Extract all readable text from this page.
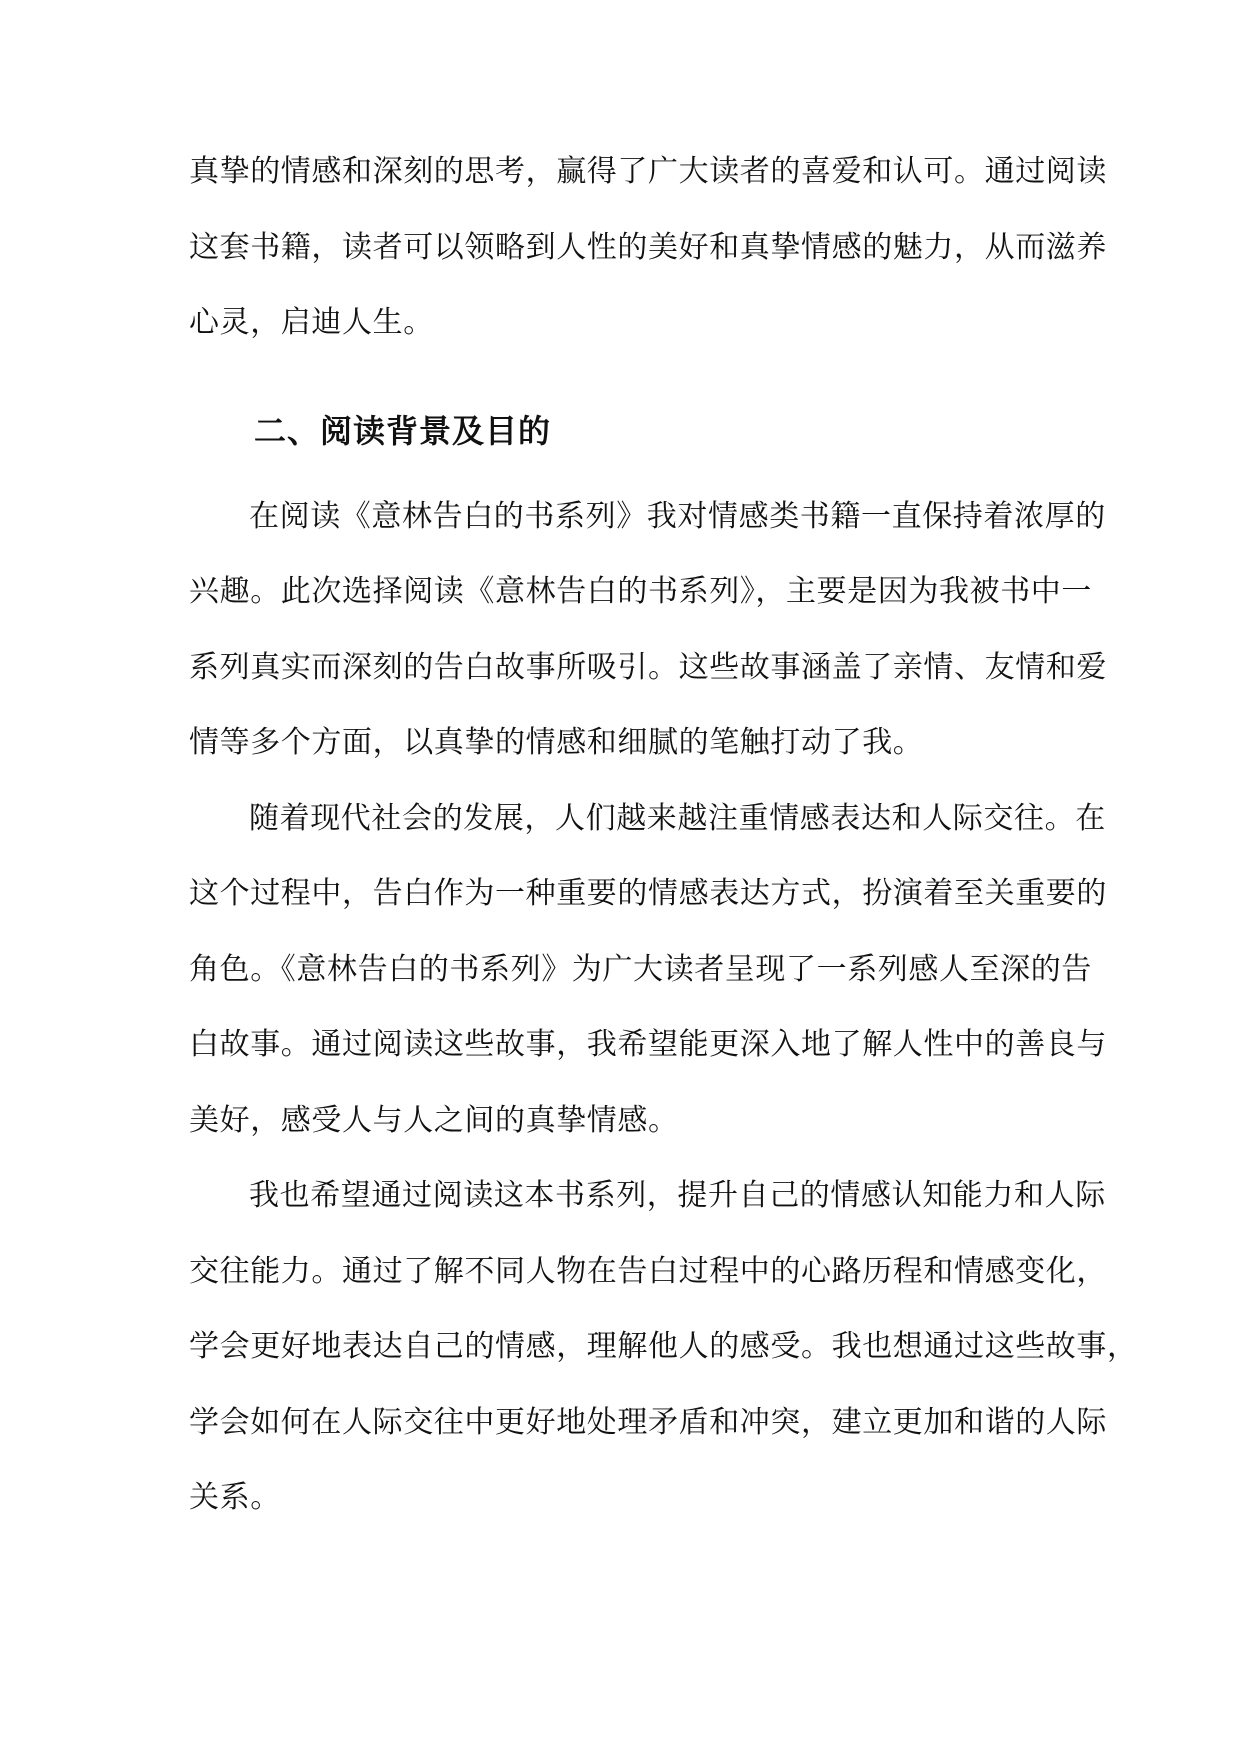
真挚的情感和深刻的思考，赢得了广大读者的喜爱和认可。通过阅读
这套书籍，读者可以领略到人性的美好和真挚情感的魅力，从而滋养
心灵，启迪人生。
二、阅读背景及目的
在阅读《意林告白的书系列》我对情感类书籍一直保持着浓厚的
兴趣。此次选择阅读《意林告白的书系列》，主要是因为我被书中一
系列真实而深刻的告白故事所吸引。这些故事涵盖了亲情、友情和爱
情等多个方面，以真挚的情感和细腻的笔触打动了我。
随着现代社会的发展，人们越来越注重情感表达和人际交往。在
这个过程中，告白作为一种重要的情感表达方式，扮演着至关重要的
角色。《意林告白的书系列》为广大读者呈现了一系列感人至深的告
白故事。通过阅读这些故事，我希望能更深入地了解人性中的善良与
美好，感受人与人之间的真挚情感。
我也希望通过阅读这本书系列，提升自己的情感认知能力和人际
交往能力。通过了解不同人物在告白过程中的心路历程和情感变化，
学会更好地表达自己的情感，理解他人的感受。我也想通过这些故事，
学会如何在人际交往中更好地处理矛盾和冲突，建立更加和谐的人际
关系。
